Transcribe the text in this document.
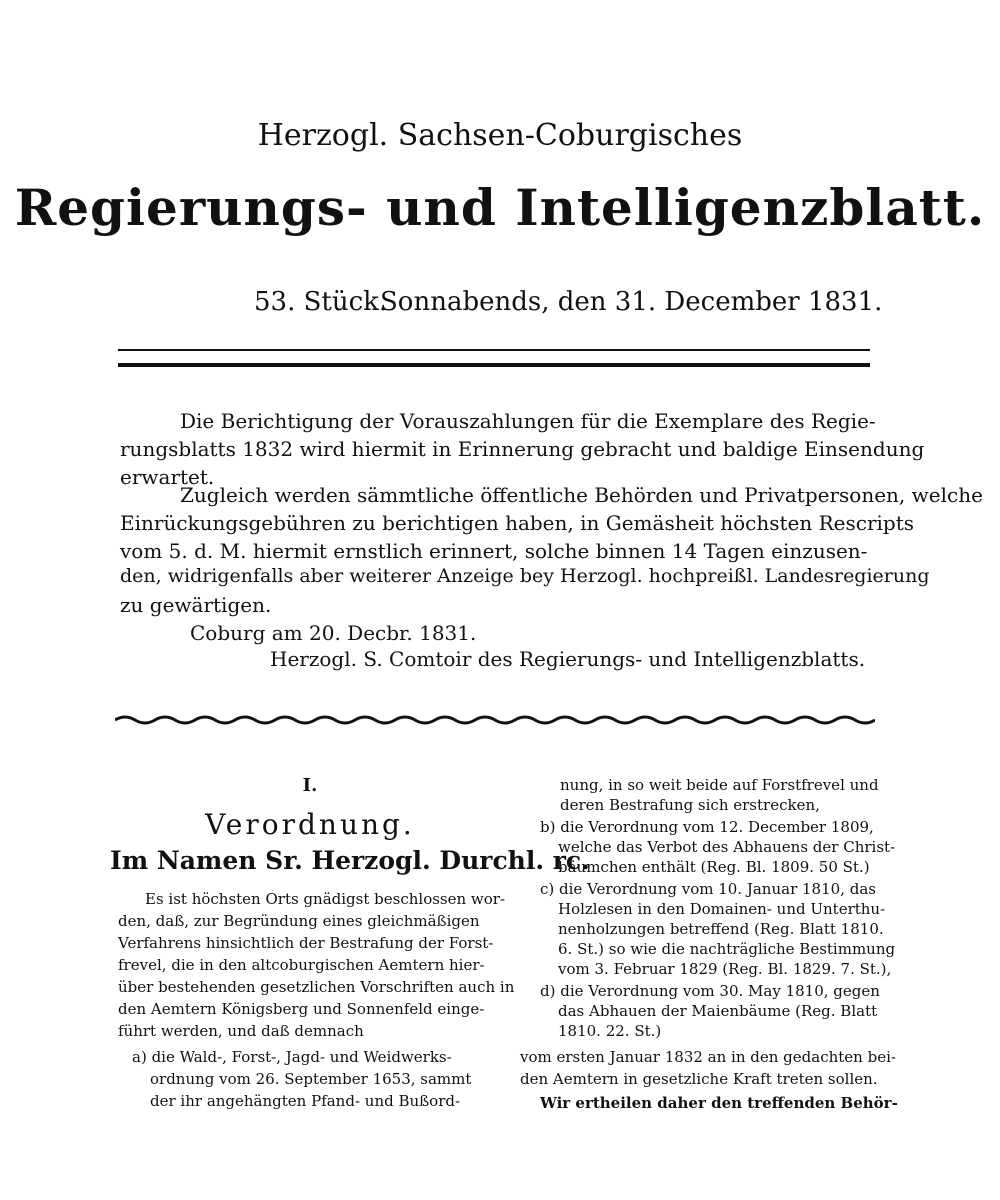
Herzogl. Sachsen-Coburgisches
Regierungs- und Intelligenzblatt.
53. Stück.
Sonnabends, den 31. December 1831.
Die Berichtigung der Vorauszahlungen für die Exemplare des Regie-
rungsblatts 1832 wird hiermit in Erinnerung gebracht und baldige Einsendung
erwartet.
Zugleich werden sämmtliche öffentliche Behörden und Privatpersonen, welche
Einrückungsgebühren zu berichtigen haben, in Gemäsheit höchsten Rescripts
vom 5. d. M. hiermit ernstlich erinnert, solche binnen 14 Tagen einzusen-
den, widrigenfalls aber weiterer Anzeige bey Herzogl. hochpreißl. Landesregierung
zu gewärtigen.
Coburg am 20. Decbr. 1831.
Herzogl. S. Comtoir des Regierungs- und Intelligenzblatts.
I.
Verordnung.
Im Namen Sr. Herzogl. Durchl. rc.
Es ist höchsten Orts gnädigst beschlossen wor-
den, daß, zur Begründung eines gleichmäßigen
Verfahrens hinsichtlich der Bestrafung der Forst-
frevel, die in den altcoburgischen Aemtern hier-
über bestehenden gesetzlichen Vorschriften auch in
den Aemtern Königsberg und Sonnenfeld einge-
führt werden, und daß demnach
a) die Wald-, Forst-, Jagd- und Weidwerks-
ordnung vom 26. September 1653, sammt
der ihr angehängten Pfand- und Bußord-
nung, in so weit beide auf Forstfrevel und
deren Bestrafung sich erstrecken,
b) die Verordnung vom 12. December 1809,
welche das Verbot des Abhauens der Christ-
bäumchen enthält (Reg. Bl. 1809. 50 St.)
c) die Verordnung vom 10. Januar 1810, das
Holzlesen in den Domainen- und Unterthu-
nenholzungen betreffend (Reg. Blatt 1810.
6. St.) so wie die nachträgliche Bestimmung
vom 3. Februar 1829 (Reg. Bl. 1829. 7. St.),
d) die Verordnung vom 30. May 1810, gegen
das Abhauen der Maienbäume (Reg. Blatt
1810. 22. St.)
vom ersten Januar 1832 an in den gedachten bei-
den Aemtern in gesetzliche Kraft treten sollen.
Wir ertheilen daher den treffenden Behör-
